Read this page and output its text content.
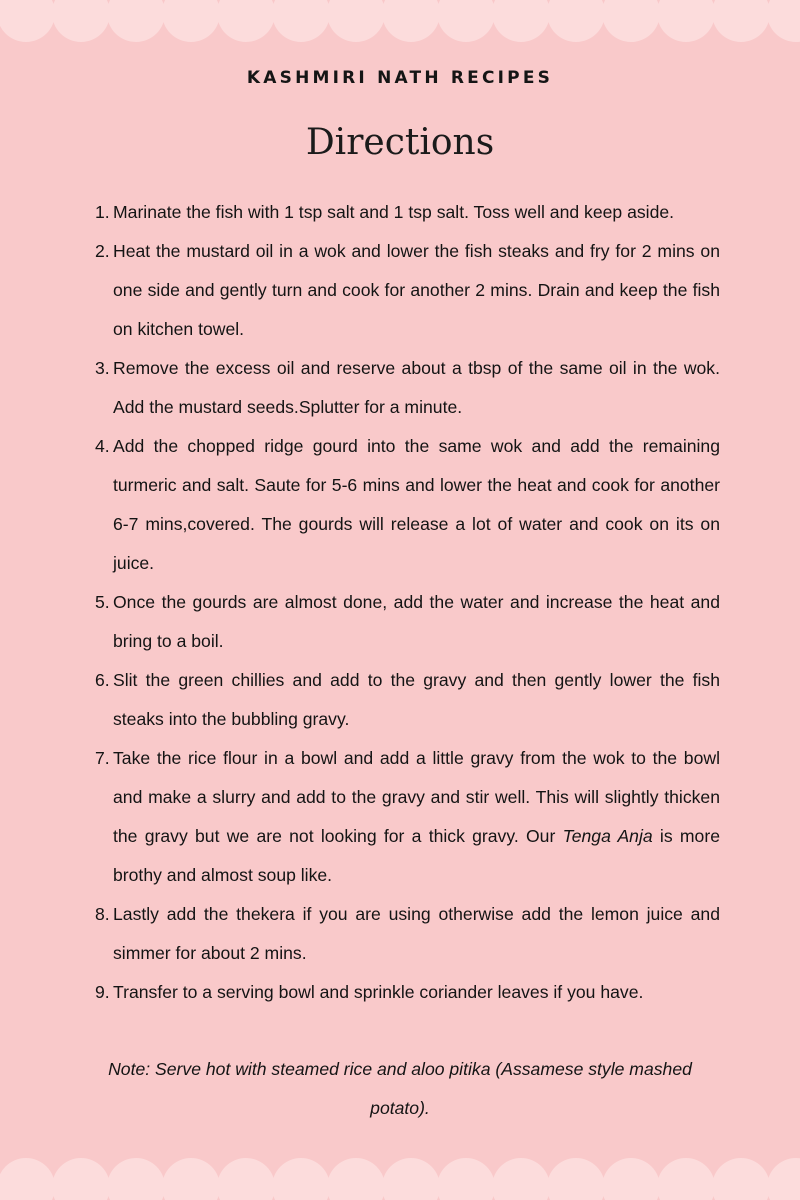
KASHMIRI NATH RECIPES
Directions
1. Marinate the fish with 1 tsp salt and 1 tsp salt. Toss well and keep aside.
2. Heat the mustard oil in a wok and lower the fish steaks and fry for 2 mins on one side and gently turn and cook for another 2 mins. Drain and keep the fish on kitchen towel.
3. Remove the excess oil and reserve about a tbsp of the same oil in the wok. Add the mustard seeds.Splutter for a minute.
4. Add the chopped ridge gourd into the same wok and add the remaining turmeric and salt. Saute for 5-6 mins and lower the heat and cook for another 6-7 mins,covered. The gourds will release a lot of water and cook on its on juice.
5. Once the gourds are almost done, add the water and increase the heat and bring to a boil.
6. Slit the green chillies and add to the gravy and then gently lower the fish steaks into the bubbling gravy.
7. Take the rice flour in a bowl and add a little gravy from the wok to the bowl and make a slurry and add to the gravy and stir well. This will slightly thicken the gravy but we are not looking for a thick gravy. Our Tenga Anja is more brothy and almost soup like.
8. Lastly add the thekera if you are using otherwise add the lemon juice and simmer for about 2 mins.
9. Transfer to a serving bowl and sprinkle coriander leaves if you have.
Note: Serve hot with steamed rice and aloo pitika (Assamese style mashed potato).
